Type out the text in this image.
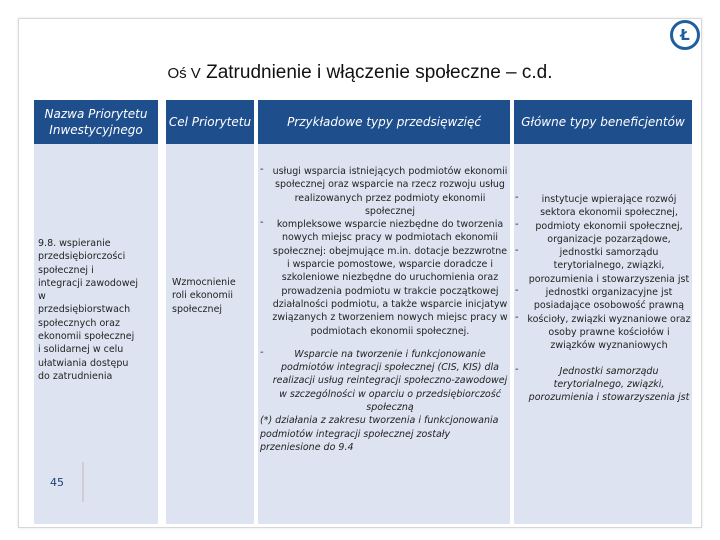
Ł
Oś V Zatrudnienie i włączenie społeczne – c.d.
Nazwa Priorytetu Inwestycyjnego
Cel Priorytetu	Przykładowe typy przedsięwzięć	Główne typy beneficjentów
9.8. wspieranie przedsiębiorczości społecznej i integracji zawodowej w przedsiębiorstwach społecznych oraz ekonomii społecznej i solidarnej w celu ułatwiania dostępu do zatrudnienia
Wzmocnienie roli ekonomii społecznej
- usługi wsparcia istniejących podmiotów ekonomii społecznej oraz wsparcie na rzecz rozwoju usług realizowanych przez podmioty ekonomii społecznej
- kompleksowe wsparcie niezbędne do tworzenia nowych miejsc pracy w podmiotach ekonomii społecznej: obejmujące m.in. dotacje bezzwrotne i wsparcie pomostowe, wsparcie doradcze i szkoleniowe niezbędne do uruchomienia oraz prowadzenia podmiotu w trakcie początkowej działalności podmiotu, a także wsparcie inicjatyw związanych z tworzeniem nowych miejsc pracy w podmiotach ekonomii społecznej.
- Wsparcie na tworzenie i funkcjonowanie podmiotów integracji społecznej (CIS, KIS) dla realizacji usług reintegracji społeczno-zawodowej w szczególności w oparciu o przedsiębiorczość społeczną
(*) działania z zakresu tworzenia i funkcjonowania podmiotów integracji społecznej zostały przeniesione do 9.4
- instytucje wpierające rozwój sektora ekonomii społecznej,
- podmioty ekonomii społecznej, organizacje pozarządowe,
- jednostki samorządu terytorialnego, związki, porozumienia i stowarzyszenia jst
- jednostki organizacyjne jst posiadające osobowość prawną
- kościoły, związki wyznaniowe oraz osoby prawne kościołów i związków wyznaniowych
- Jednostki samorządu terytorialnego, związki, porozumienia i stowarzyszenia jst
45
